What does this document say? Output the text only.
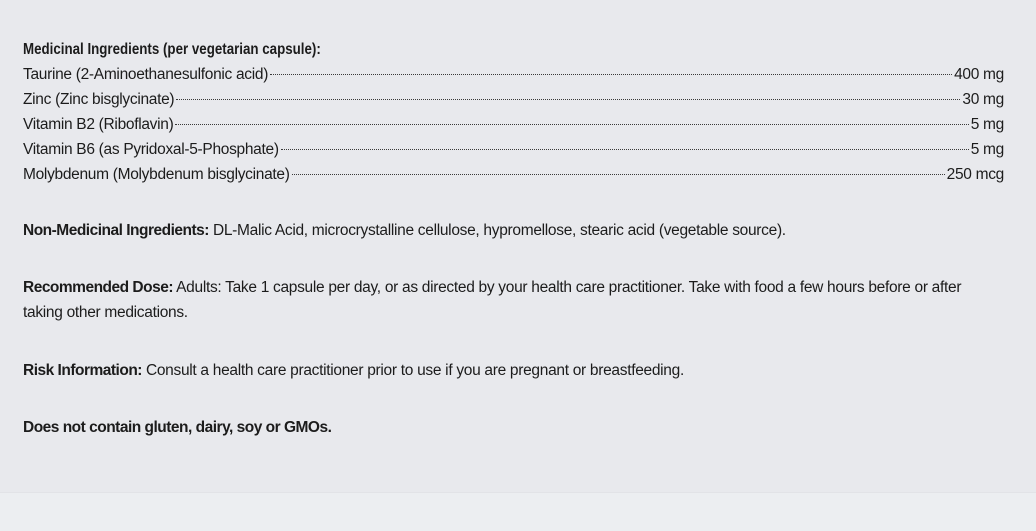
Medicinal Ingredients (per vegetarian capsule):
Taurine (2-Aminoethanesulfonic acid)	400 mg
Zinc (Zinc bisglycinate)	30 mg
Vitamin B2 (Riboflavin)	5 mg
Vitamin B6 (as Pyridoxal-5-Phosphate)	5 mg
Molybdenum (Molybdenum bisglycinate)	250 mcg
Non-Medicinal Ingredients: DL-Malic Acid, microcrystalline cellulose, hypromellose, stearic acid (vegetable source).
Recommended Dose: Adults: Take 1 capsule per day, or as directed by your health care practitioner. Take with food a few hours before or after taking other medications.
Risk Information: Consult a health care practitioner prior to use if you are pregnant or breastfeeding.
Does not contain gluten, dairy, soy or GMOs.
